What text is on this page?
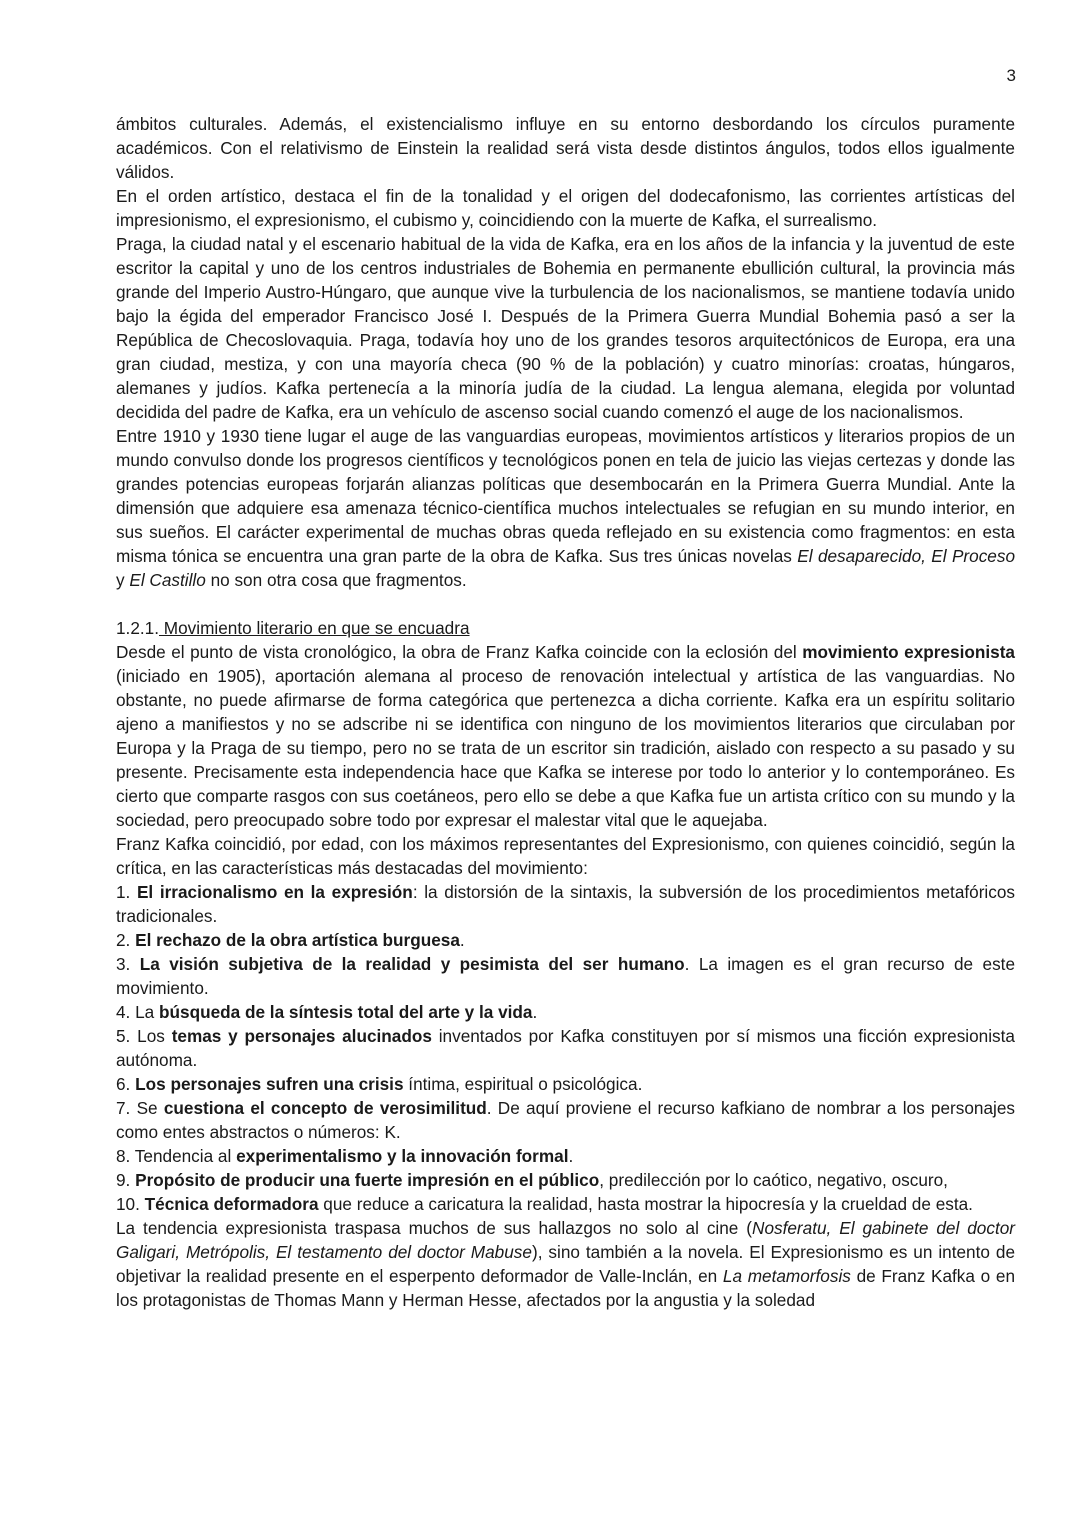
3

ámbitos culturales. Además, el existencialismo influye en su entorno desbordando los círculos puramente académicos. Con el relativismo de Einstein la realidad será vista desde distintos ángulos, todos ellos igualmente válidos.

En el orden artístico, destaca el fin de la tonalidad y el origen del dodecafonismo, las corrientes artísticas del impresionismo, el expresionismo, el cubismo y, coincidiendo con la muerte de Kafka, el surrealismo.

Praga, la ciudad natal y el escenario habitual de la vida de Kafka, era en los años de la infancia y la juventud de este escritor la capital y uno de los centros industriales de Bohemia en permanente ebullición cultural, la provincia más grande del Imperio Austro-Húngaro, que aunque vive la turbulencia de los nacionalismos, se mantiene todavía unido bajo la égida del emperador Francisco José I. Después de la Primera Guerra Mundial Bohemia pasó a ser la República de Checoslovaquia. Praga, todavía hoy uno de los grandes tesoros arquitectónicos de Europa, era una gran ciudad, mestiza, y con una mayoría checa (90 % de la población) y cuatro minorías: croatas, húngaros, alemanes y judíos. Kafka pertenecía a la minoría judía de la ciudad. La lengua alemana, elegida por voluntad decidida del padre de Kafka, era un vehículo de ascenso social cuando comenzó el auge de los nacionalismos.

Entre 1910 y 1930 tiene lugar el auge de las vanguardias europeas, movimientos artísticos y literarios propios de un mundo convulso donde los progresos científicos y tecnológicos ponen en tela de juicio las viejas certezas y donde las grandes potencias europeas forjarán alianzas políticas que desembocarán en la Primera Guerra Mundial. Ante la dimensión que adquiere esa amenaza técnico-científica muchos intelectuales se refugian en su mundo interior, en sus sueños. El carácter experimental de muchas obras queda reflejado en su existencia como fragmentos: en esta misma tónica se encuentra una gran parte de la obra de Kafka. Sus tres únicas novelas El desaparecido, El Proceso y El Castillo no son otra cosa que fragmentos.

1.2.1. Movimiento literario en que se encuadra

Desde el punto de vista cronológico, la obra de Franz Kafka coincide con la eclosión del movimiento expresionista (iniciado en 1905), aportación alemana al proceso de renovación intelectual y artística de las vanguardias. No obstante, no puede afirmarse de forma categórica que pertenezca a dicha corriente. Kafka era un espíritu solitario ajeno a manifiestos y no se adscribe ni se identifica con ninguno de los movimientos literarios que circulaban por Europa y la Praga de su tiempo, pero no se trata de un escritor sin tradición, aislado con respecto a su pasado y su presente. Precisamente esta independencia hace que Kafka se interese por todo lo anterior y lo contemporáneo. Es cierto que comparte rasgos con sus coetáneos, pero ello se debe a que Kafka fue un artista crítico con su mundo y la sociedad, pero preocupado sobre todo por expresar el malestar vital que le aquejaba.

Franz Kafka coincidió, por edad, con los máximos representantes del Expresionismo, con quienes coincidió, según la crítica, en las características más destacadas del movimiento:

1. El irracionalismo en la expresión: la distorsión de la sintaxis, la subversión de los procedimientos metafóricos tradicionales.

2. El rechazo de la obra artística burguesa.

3. La visión subjetiva de la realidad y pesimista del ser humano. La imagen es el gran recurso de este movimiento.

4. La búsqueda de la síntesis total del arte y la vida.

5. Los temas y personajes alucinados inventados por Kafka constituyen por sí mismos una ficción expresionista autónoma.

6. Los personajes sufren una crisis íntima, espiritual o psicológica.

7. Se cuestiona el concepto de verosimilitud. De aquí proviene el recurso kafkiano de nombrar a los personajes como entes abstractos o números: K.

8. Tendencia al experimentalismo y la innovación formal.

9. Propósito de producir una fuerte impresión en el público, predilección por lo caótico, negativo, oscuro,

10. Técnica deformadora que reduce a caricatura la realidad, hasta mostrar la hipocresía y la crueldad de esta.

La tendencia expresionista traspasa muchos de sus hallazgos no solo al cine (Nosferatu, El gabinete del doctor Galigari, Metrópolis, El testamento del doctor Mabuse), sino también a la novela. El Expresionismo es un intento de objetivar la realidad presente en el esperpento deformador de Valle-Inclán, en La metamorfosis de Franz Kafka o en los protagonistas de Thomas Mann y Herman Hesse, afectados por la angustia y la soledad
